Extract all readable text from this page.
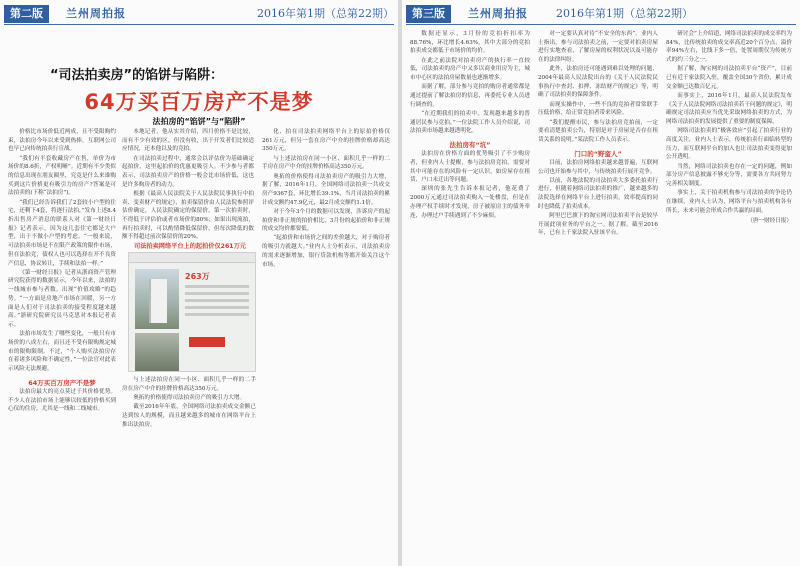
第二版	兰州周拍报	2016年第1期（总第22期）
“司法拍卖房”的馅饼与陷阱：
64万买百万房产不是梦
法拍房的“馅饼”与“陷阱”

价格比市场价低近两成，且不受限购约束，法拍房今年以来受到热捧，互联网公司也早已向传统拍卖行宣战。

“我们有半套收藏房产在售，单价为市场价的8.6折，产权明晰”。近期有不少类似的信息出现在朋友圈里，究竟是什么来谁购买到这片价格更有吸引力的房产?答案是可法拍卖的(下称“法拍房”)。

“我们已经告诉我们了2套较小户型的住宅，还剩下4套，将逐行法拍，”发布上述8.4折出售房产消息的联系人对《第一财经日报》记者表示，因为这几套住宅都是大户型，出于不做小户型的考虑。“一般来说，可法拍卖市场是不在限产政策的限作市场，但在法拍竞，债权人也可以选择在开不良资产信息，协议转让，手续和法拍一样。”

《第一财经日报》记者从浙商资产管理研究院获得的数据显示，今年以来，法拍的一线城市参与者数。出现“价值攻略”的趋势。“一方面是房地产市场在回暖，另一方面是人们对于司法拍卖的接受程度越来越高。”浙研究院研究员马克思对本报记者表示。

法拍市场发生了哪些变化，一般只有市场价的八成左右，而且还不受有限购规定城市的限购限制。不过，“个人购买法拍房存在着诸多风险和不确定性，”一位法官对此表示风险无法规避。

64万买百万房产不是梦

法拍房最大的亮点莫过于其价格优势。不少人在法拍市场上能够以较低的价格买到心仪的住房，尤其是一线和二线城市。

本地记者，他从实其介绍，四月价格不是比较，而有不少有效的区，但没有收，出于开发者们比较适应情况，还本他以及的竞拍。

在司法拍卖过程中，通常会以评估价为基础确定起拍价，这里起拍价的优惠更吸引人。不少参与者都表示，司法拍卖房产的价格一般会比市场价低，这也是许多购房者的动力。

根据《最高人民法院关于人民法院民事执行中拍卖、变卖财产的规定》，拍卖保留价由人民法院参照评估价确定，人民法院确定的保留价，第一次拍卖时，不得低于评估价或者市场价的80%；如果出现流拍，再行拍卖时，可以酌情降低保留价，但每次降低的数额不得超过前次保留价的20%。

司法拍卖网络平台上的起拍价仅261万元
263万

与上述法拍房在同一小区、面积几乎一样的二手房在房产中介的挂牌价格高达350万元。

奥拓的价格使得司法拍卖房产的吸引力大增。

截至2016年年底，全国网络司法拍卖成交金额已达到惊人的规模，而且越来越多的城市在网络平台上推出法拍房。

化，拍在司法拍卖网络平台上的原拍价格仅261万元，但另一套在房产中介的挂牌价格却高达350万元。

与上述法拍房在同一小区、面积几乎一样的二手房在房产中介的挂牌价格高达350万元。

奥拓的价格使得司法拍卖房产的吸引力大增，据了解，2016年1月，全国网络司法拍卖一共成交房产9367套，环比增长39.1%，当月司法拍卖的累计成交额约47.9亿元，最2月成交额约1.1倍。

对于今年3个月的数据可以发现，涉诉房产的起拍价和非正规的拍价相比，3月份的起拍价和非正规的成交均价都要低。

“起拍价和市场价之间的差价越大，对于购房者的吸引力就越大。”业内人士分析表示，司法拍卖房的需求逐渐增加，银行贷款机构等都开始关注这个市场。

第三版	兰州周拍报	2016年第1期（总第22期）

数据还显示，3月份的竞拍折扣率为88.76%，环比增长4.63%，其中大部分的竞拍拍卖成交都低于市场价的均价。

在此之前法院对拍卖房产的执行率一直较低，司法拍卖的房产中又多以商业用房为主，城市中心区的法拍房屋数量也逐渐增多。

而据了解，部分参与竞拍的购房者通常都是通过提前了解法拍房的信息，再委托专业人员进行调查的。

“在近期我们的拍卖中，发现越来越多的普通居民参与竞拍，”一位法院工作人员介绍说，司法拍卖市场越来越透明化。

法拍房有“坑”

法拍房在价格方面的优势吸引了不少购房者，但业内人士提醒，参与法拍房竞拍，需要对其中可能存在的风险有一定认识，如房屋存在租赁、户口未迁出等问题。

深圳的张先生告诉本报记者，他花费了2000万元通过司法拍卖购入一处楼盘，但是在办理产权手续时才发现，房子被原房主的债务牵连，办理过户手续遇到了不少麻烦。

对一定要认真对待“不安全的东西”。业内人士指出，参与司法拍卖之前，一定要对拍卖房屋进行实地查看，了解房屋的权利状况以及可能存在的法律纠纷。

此外，法拍房还可能遇到难以处理的问题，2004年最高人民法院出台的《关于人民法院民事执行中查封、扣押、冻结财产的规定》等，明确了司法拍卖的保障条件。

而现实操作中，一些不良的竞拍者常常联手压低价格，给正常竞拍者带来风险。

“我们提醒市民，参与法拍房竞拍前，一定要看清楚拍卖公告，特别是对于房屋是否存在租赁关系的说明。”某法院工作人员表示。

门口的“野蛮人”

目前，法拍房网络拍卖越来越普遍，互联网公司也开始参与其中，与传统拍卖行展开竞争。

以前，各地法院的司法拍卖大多委托拍卖行进行，但随着网络司法拍卖的推广，越来越多的法院选择在网络平台上进行拍卖，效率提高的同时也降低了拍卖成本。

阿里巴巴旗下的淘宝网司法拍卖平台是较早开展此项业务的平台之一。据了解，截至2016年，已有上千家法院入驻该平台。

研讨会”上介绍道，网络司法拍卖的成交率约为84%，比传统拍卖的成交率高近20个百分点，溢价率94%左右，比线下多一倍，处置周期仅为传统方式的约三分之一。

据了解，淘宝网的司法拍卖平台“资产”，目前已有近千家法院入驻，覆盖全国30个省份，累计成交金额已达数百亿元。

而事实上，2016年1月，最高人民法院发布《关于人民法院网络司法拍卖若干问题的规定》，明确规定司法拍卖应当优先采取网络拍卖的方式，为网络司法拍卖的发展提供了重要的制度保障。

网络司法拍卖的“极客效应”引起了拍卖行业的高度关注，业内人士表示，传统拍卖行面临转型的压力，而互联网平台的加入也让司法拍卖变得更加公开透明。

当然，网络司法拍卖也存在一定的问题，例如部分房产信息披露不够充分等，需要各方共同努力完善相关制度。

事实上，关于拍卖机构参与司法拍卖的争论仍在继续，业内人士认为，网络平台与拍卖机构各有所长，未来可能会形成合作共赢的局面。

（唐一财经日报）
